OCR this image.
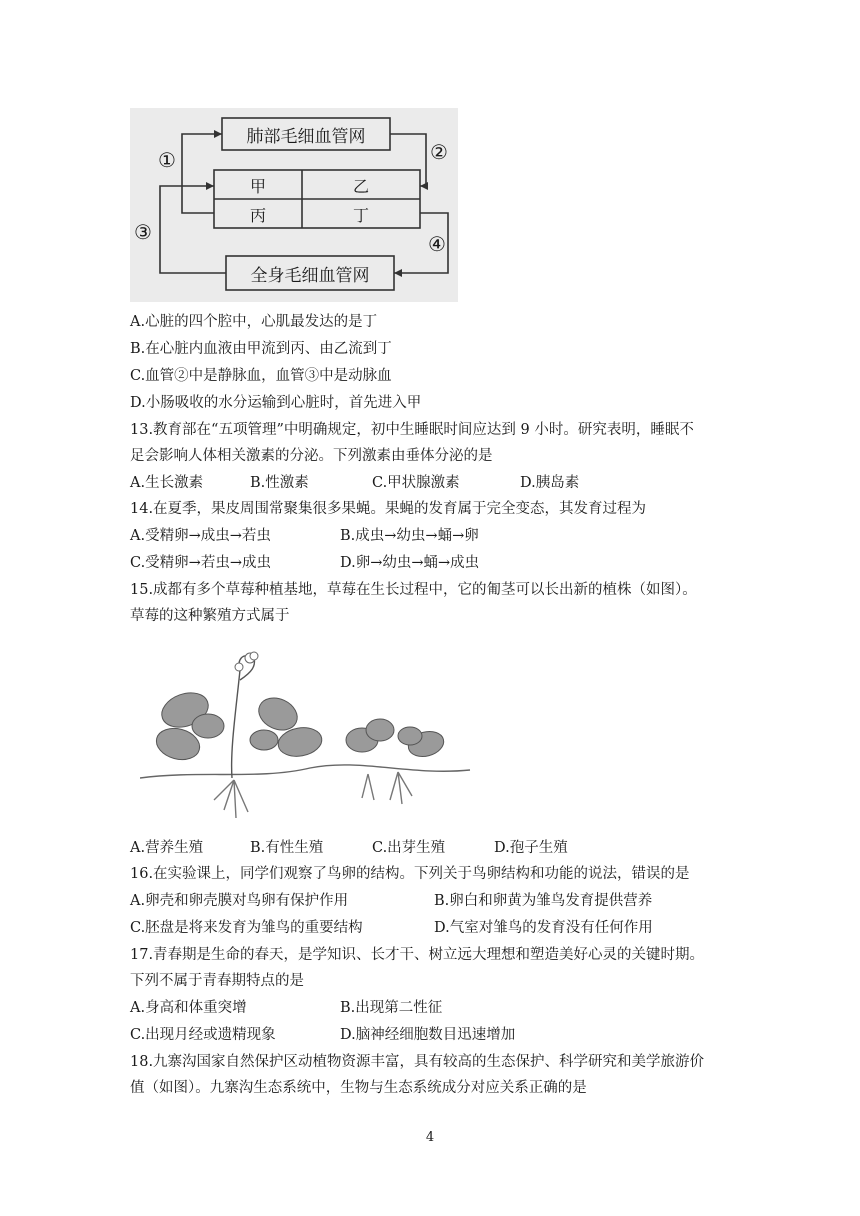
肺部毛细血管网
甲	乙
丙	丁
全身毛细血管网
①	②
③	④
A.心脏的四个腔中，心肌最发达的是丁
B.在心脏内血液由甲流到丙、由乙流到丁
C.血管②中是静脉血，血管③中是动脉血
D.小肠吸收的水分运输到心脏时，首先进入甲
13.教育部在“五项管理”中明确规定，初中生睡眠时间应达到 9 小时。研究表明，睡眠不
足会影响人体相关激素的分泌。下列激素由垂体分泌的是
A.生长激素	B.性激素	C.甲状腺激素	D.胰岛素
14.在夏季，果皮周围常聚集很多果蝇。果蝇的发育属于完全变态，其发育过程为
A.受精卵→成虫→若虫	B.成虫→幼虫→蛹→卵
C.受精卵→若虫→成虫	D.卵→幼虫→蛹→成虫
15.成都有多个草莓种植基地，草莓在生长过程中，它的匍茎可以长出新的植株（如图）。
草莓的这种繁殖方式属于
A.营养生殖	B.有性生殖	C.出芽生殖	D.孢子生殖
16.在实验课上，同学们观察了鸟卵的结构。下列关于鸟卵结构和功能的说法，错误的是
A.卵壳和卵壳膜对鸟卵有保护作用	B.卵白和卵黄为雏鸟发育提供营养
C.胚盘是将来发育为雏鸟的重要结构	D.气室对雏鸟的发育没有任何作用
17.青春期是生命的春天，是学知识、长才干、树立远大理想和塑造美好心灵的关键时期。
下列不属于青春期特点的是
A.身高和体重突增	B.出现第二性征
C.出现月经或遗精现象	D.脑神经细胞数目迅速增加
18.九寨沟国家自然保护区动植物资源丰富，具有较高的生态保护、科学研究和美学旅游价
值（如图）。九寨沟生态系统中，生物与生态系统成分对应关系正确的是
4
